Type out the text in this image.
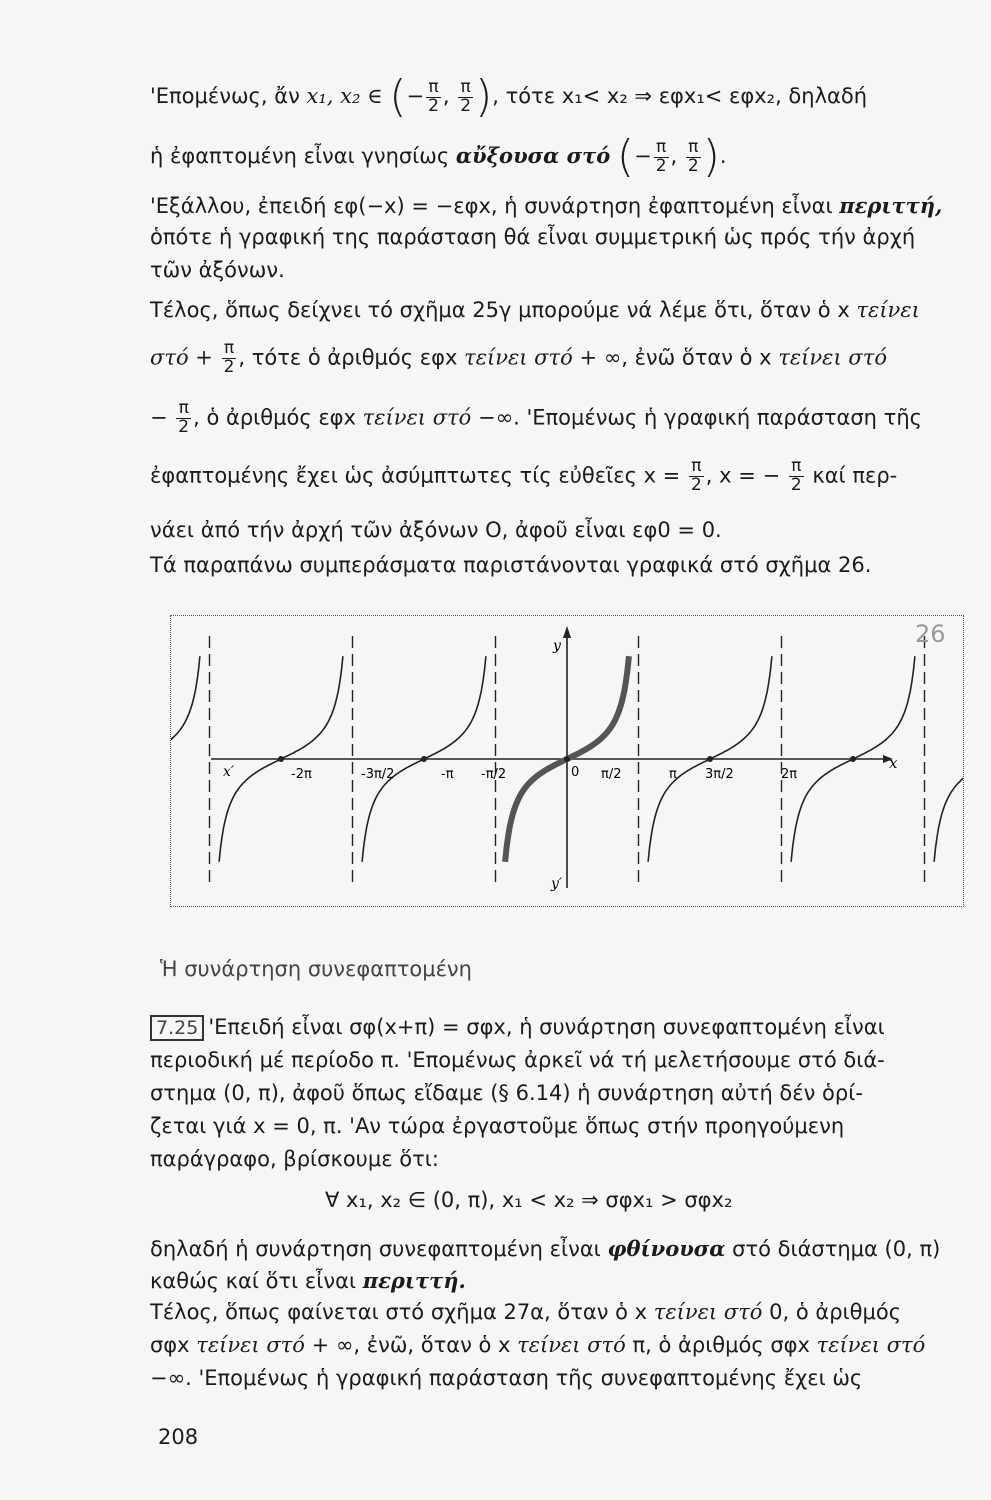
'Επομένως, ἄν x₁, x₂ ∈ (− $\frac{\pi}{2}$ , $\frac{\pi}{2}$ ), τότε x₁< x₂ ⇒ εφx₁< εφx₂, δηλαδή
ἡ ἐφαπτομένη εἶναι γνησίως αὔξουσα στό (− $\frac{\pi}{2}$ , $\frac{\pi}{2}$ ).
'Εξάλλου, ἐπειδή εφ(−x) = −εφx, ἡ συνάρτηση ἐφαπτομένη εἶναι περιττή,
ὁπότε ἡ γραφική της παράσταση θά εἶναι συμμετρική ὡς πρός τήν ἀρχή
τῶν ἀξόνων.
Τέλος, ὅπως δείχνει τό σχῆμα 25γ μπορούμε νά λέμε ὅτι, ὅταν ὁ x τείνει
$\sigma\tau ό + \frac{\pi}{2}$ , τότε ὁ ἀριθμός εφx τείνει στό + ∞, ἐνῶ ὅταν ὁ x τείνει στό
− $\frac{\pi}{2}$ , ὁ ἀριθμός εφx τείνει στό −∞. 'Επομένως ἡ γραφική παράσταση τῆς
ἐφαπτομένης ἔχει ὡς ἀσύμπτωτες τίς εὐθεῖες $x = \frac{\pi}{2}$ , x = − $\frac{\pi}{2}$ καί περ-
νάει ἀπό τήν ἀρχή τῶν ἀξόνων O, ἀφοῦ εἶναι εφ0 = 0.
Τά παραπάνω συμπεράσματα παριστάνονται γραφικά στό σχῆμα 26.
x′	x
y
y′
0
26
-2π	-3π/2	-π -π/2	π/2	π 3π/2	2π
Ἡ συνάρτηση συνεφαπτομένη
7.25 'Επειδή εἶναι σφ(x+π) = σφx, ἡ συνάρτηση συνεφαπτομένη εἶναι
περιοδική μέ περίοδο π. 'Επομένως ἀρκεῖ νά τή μελετήσουμε στό διά-
στημα (0, π), ἀφοῦ ὅπως εἴδαμε (§ 6.14) ἡ συνάρτηση αὐτή δέν ὁρί-
ζεται γιά x = 0, π. 'Αν τώρα ἐργαστοῦμε ὅπως στήν προηγούμενη
παράγραφο, βρίσκουμε ὅτι:
∀ x₁, x₂ ∈ (0, π), x₁ < x₂ ⇒ σφx₁ > σφx₂
δηλαδή ἡ συνάρτηση συνεφαπτομένη εἶναι φθίνουσα στό διάστημα (0, π)
καθώς καί ὅτι εἶναι περιττή.
Τέλος, ὅπως φαίνεται στό σχῆμα 27α, ὅταν ὁ x τείνει στό 0, ὁ ἀριθμός
σφx τείνει στό + ∞, ἐνῶ, ὅταν ὁ x τείνει στό π, ὁ ἀριθμός σφx τείνει στό
−∞. 'Επομένως ἡ γραφική παράσταση τῆς συνεφαπτομένης ἔχει ὡς
208
